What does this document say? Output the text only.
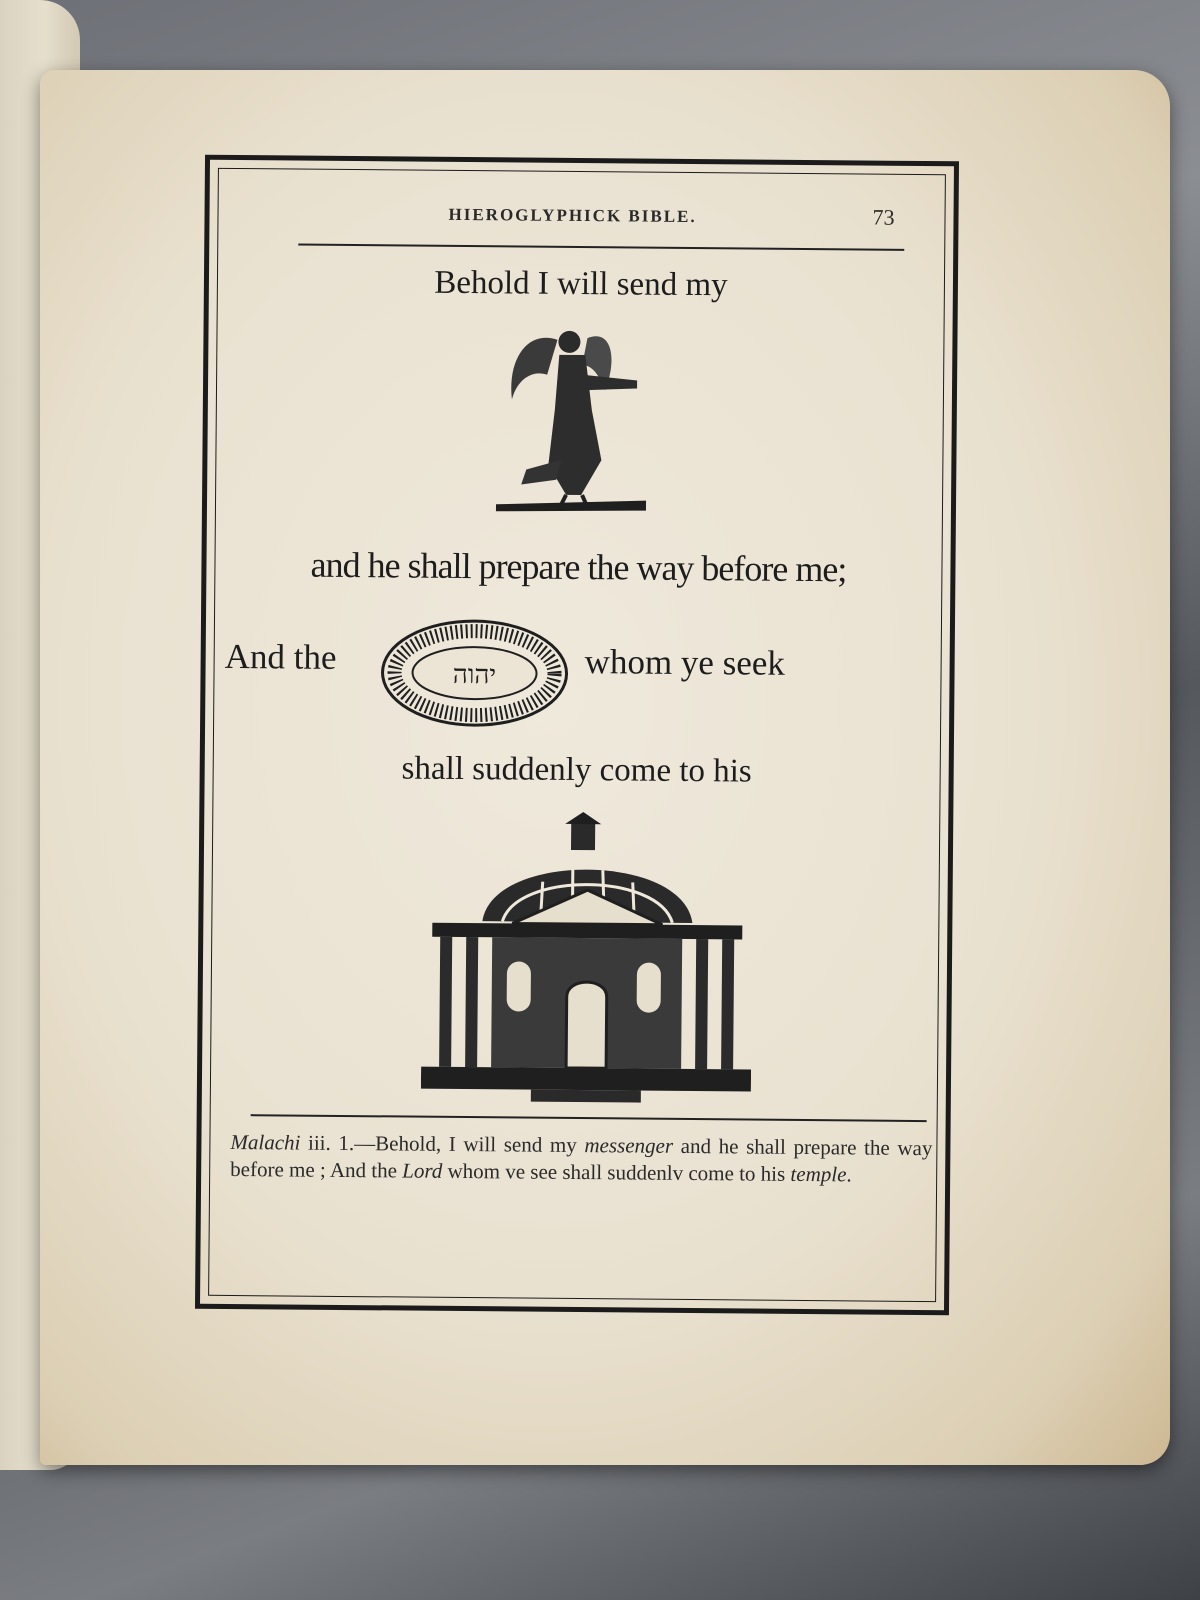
HIEROGLYPHICK BIBLE.	73
Behold I will send my
and he shall prepare the way before me;
And the	יהוה	whom ye seek
shall suddenly come to his
Malachi iii. 1.—Behold, I will send my messenger and he shall prepare the way before me ; And the Lord whom ve see shall suddenlv come to his temple.
